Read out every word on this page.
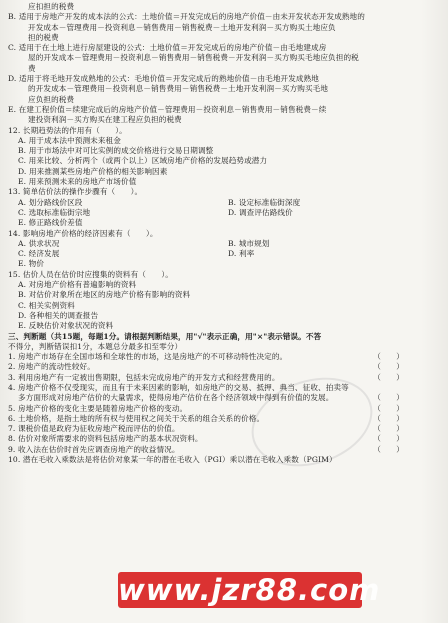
应扣担的税费
B. 适用于房地产开发的成本法的公式：土地价值＝开发完成后的房地产价值－由未开发状态开发成熟地的
开发成本－管理费用－投资利息－销售费用－销售税费－土地开发利润－买方购买土地应负
担的税费
C. 适用于在土地上进行房屋建设的公式：土地价值＝开发完成后的房地产价值－由毛地建成房
屋的开发成本－管理费用－投资利息－销售费用－销售税费－开发利润－买方购买毛地应负担的税
费
D. 适用于将毛地开发成熟地的公式：毛地价值＝开发完成后的熟地价值－由毛地开发成熟地
的开发成本－管理费用－投资利息－销售费用－销售税费－土地开发利润－买方购买毛地
应负担的税费
E. 在建工程价值＝续建完成后的房地产价值－管理费用－投资利息－销售费用－销售税费－续
建投资利润－买方购买在建工程应负担的税费
12. 长期趋势法的作用有（　　）。
A. 用于成本法中预测未来租金
B. 用于市场法中对可比实例的成交价格进行交易日期调整
C. 用来比较、分析两个（或两个以上）区域房地产价格的发展趋势或潜力
D. 用来推测某些房地产价格的相关影响因素
E. 用来预测未来的房地产市场价值
13. 简单估价法的操作步骤有（　　）。
A. 划分路线价区段	B. 设定标准临街深度
C. 选取标准临街宗地	D. 调查评估路线价
E. 修正路线价差值
14. 影响房地产价格的经济因素有（　　）。
A. 供求状况	B. 城市规划
C. 经济发展	D. 利率
E. 物价
15. 估价人员在估价时应搜集的资料有（　　）。
A. 对房地产价格有普遍影响的资料
B. 对估价对象所在地区的房地产价格有影响的资料
C. 相关实例资料
D. 各种相关的调查报告
E. 反映估价对象状况的资料
三、判断题（共15题，每题1分。请根据判断结果，用"√"表示正确，用"×"表示错误。不答
不得分，判断错误扣1分，本题总分最多扣至零分）
1. 房地产市场存在全国市场和全球性的市场，这是房地产的不可移动特性决定的。	（　　）
2. 房地产的流动性较好。	（　　）
3. 利用房地产有一定被出售期限，包括未完成房地产的开发方式和经营费用的。	（　　）
4. 房地产价格不仅受现实，而且有于未来因素的影响，如房地产的交易、抵押、典当、征收、拍卖等
多方面形成对房地产估价的大量需求，使得房地产估价在各个经济领域中得到有价值的发展。	（　　）
5. 房地产价格的变化主要是随着房地产价格的变动。	（　　）
6. 土地价格，是指土地的所有权与使用权之间关于关系的组合关系的价格。	（　　）
7. 课税价值是政府为征收房地产税而评估的价值。	（　　）
8. 估价对象所需要求的资料包括房地产的基本状况资料。	（　　）
9. 收入法在估价时首先应调查房地产的收益情况。	（　　）
10. 潜在毛收入乘数法是将估价对象某一年的潜在毛收入（PGI）乘以潜在毛收入乘数（PGIM）
www.jzr88.com
